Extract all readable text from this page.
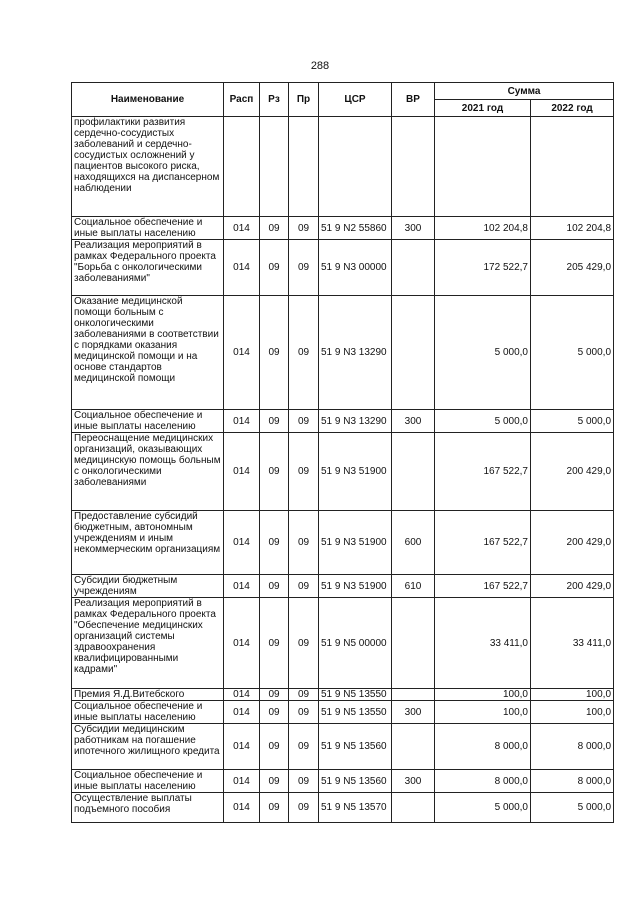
288
Наименование	Расп	Рз	Пр	ЦСР	ВР	Сумма	
						2021 год	2022 год
профилактики развития сердечно-сосудистых заболеваний и сердечно-сосудистых осложнений у пациентов высокого риска, находящихся на диспансерном наблюдении							
Социальное обеспечение и иные выплаты населению	014	09	09	51 9 N2 55860	300	102 204,8	102 204,8
Реализация мероприятий в рамках Федерального проекта "Борьба с онкологическими заболеваниями"	014	09	09	51 9 N3 00000		172 522,7	205 429,0
Оказание медицинской помощи больным с онкологическими заболеваниями в соответствии с порядками оказания медицинской помощи и на основе стандартов медицинской помощи	014	09	09	51 9 N3 13290		5 000,0	5 000,0
Социальное обеспечение и иные выплаты населению	014	09	09	51 9 N3 13290	300	5 000,0	5 000,0
Переоснащение медицинских организаций, оказывающих медицинскую помощь больным с онкологическими заболеваниями	014	09	09	51 9 N3 51900		167 522,7	200 429,0
Предоставление субсидий бюджетным, автономным учреждениям и иным некоммерческим организациям	014	09	09	51 9 N3 51900	600	167 522,7	200 429,0
Субсидии бюджетным учреждениям	014	09	09	51 9 N3 51900	610	167 522,7	200 429,0
Реализация мероприятий в рамках Федерального проекта "Обеспечение медицинских организаций системы здравоохранения квалифицированными кадрами"	014	09	09	51 9 N5 00000		33 411,0	33 411,0
Премия Я.Д.Витебского	014	09	09	51 9 N5 13550		100,0	100,0
Социальное обеспечение и иные выплаты населению	014	09	09	51 9 N5 13550	300	100,0	100,0
Субсидии медицинским работникам на погашение ипотечного жилищного кредита	014	09	09	51 9 N5 13560		8 000,0	8 000,0
Социальное обеспечение и иные выплаты населению	014	09	09	51 9 N5 13560	300	8 000,0	8 000,0
Осуществление выплаты подъемного пособия	014	09	09	51 9 N5 13570		5 000,0	5 000,0
